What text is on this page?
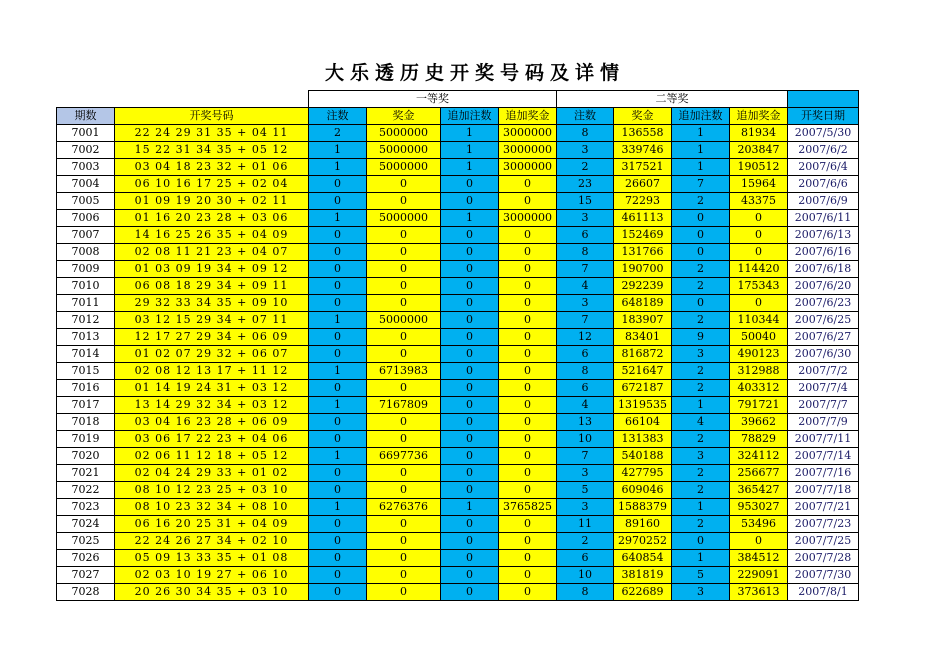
大乐透历史开奖号码及详情
		一等奖				二等奖				
期数	开奖号码	注数	奖金	追加注数	追加奖金	注数	奖金	追加注数	追加奖金	开奖日期
7001	22 24 29 31 35 + 04 11	2	5000000	1	3000000	8	136558	1	81934	2007/5/30
7002	15 22 31 34 35 + 05 12	1	5000000	1	3000000	3	339746	1	203847	2007/6/2
7003	03 04 18 23 32 + 01 06	1	5000000	1	3000000	2	317521	1	190512	2007/6/4
7004	06 10 16 17 25 + 02 04	0	0	0	0	23	26607	7	15964	2007/6/6
7005	01 09 19 20 30 + 02 11	0	0	0	0	15	72293	2	43375	2007/6/9
7006	01 16 20 23 28 + 03 06	1	5000000	1	3000000	3	461113	0	0	2007/6/11
7007	14 16 25 26 35 + 04 09	0	0	0	0	6	152469	0	0	2007/6/13
7008	02 08 11 21 23 + 04 07	0	0	0	0	8	131766	0	0	2007/6/16
7009	01 03 09 19 34 + 09 12	0	0	0	0	7	190700	2	114420	2007/6/18
7010	06 08 18 29 34 + 09 11	0	0	0	0	4	292239	2	175343	2007/6/20
7011	29 32 33 34 35 + 09 10	0	0	0	0	3	648189	0	0	2007/6/23
7012	03 12 15 29 34 + 07 11	1	5000000	0	0	7	183907	2	110344	2007/6/25
7013	12 17 27 29 34 + 06 09	0	0	0	0	12	83401	9	50040	2007/6/27
7014	01 02 07 29 32 + 06 07	0	0	0	0	6	816872	3	490123	2007/6/30
7015	02 08 12 13 17 + 11 12	1	6713983	0	0	8	521647	2	312988	2007/7/2
7016	01 14 19 24 31 + 03 12	0	0	0	0	6	672187	2	403312	2007/7/4
7017	13 14 29 32 34 + 03 12	1	7167809	0	0	4	1319535	1	791721	2007/7/7
7018	03 04 16 23 28 + 06 09	0	0	0	0	13	66104	4	39662	2007/7/9
7019	03 06 17 22 23 + 04 06	0	0	0	0	10	131383	2	78829	2007/7/11
7020	02 06 11 12 18 + 05 12	1	6697736	0	0	7	540188	3	324112	2007/7/14
7021	02 04 24 29 33 + 01 02	0	0	0	0	3	427795	2	256677	2007/7/16
7022	08 10 12 23 25 + 03 10	0	0	0	0	5	609046	2	365427	2007/7/18
7023	08 10 23 32 34 + 08 10	1	6276376	1	3765825	3	1588379	1	953027	2007/7/21
7024	06 16 20 25 31 + 04 09	0	0	0	0	11	89160	2	53496	2007/7/23
7025	22 24 26 27 34 + 02 10	0	0	0	0	2	2970252	0	0	2007/7/25
7026	05 09 13 33 35 + 01 08	0	0	0	0	6	640854	1	384512	2007/7/28
7027	02 03 10 19 27 + 06 10	0	0	0	0	10	381819	5	229091	2007/7/30
7028	20 26 30 34 35 + 03 10	0	0	0	0	8	622689	3	373613	2007/8/1
